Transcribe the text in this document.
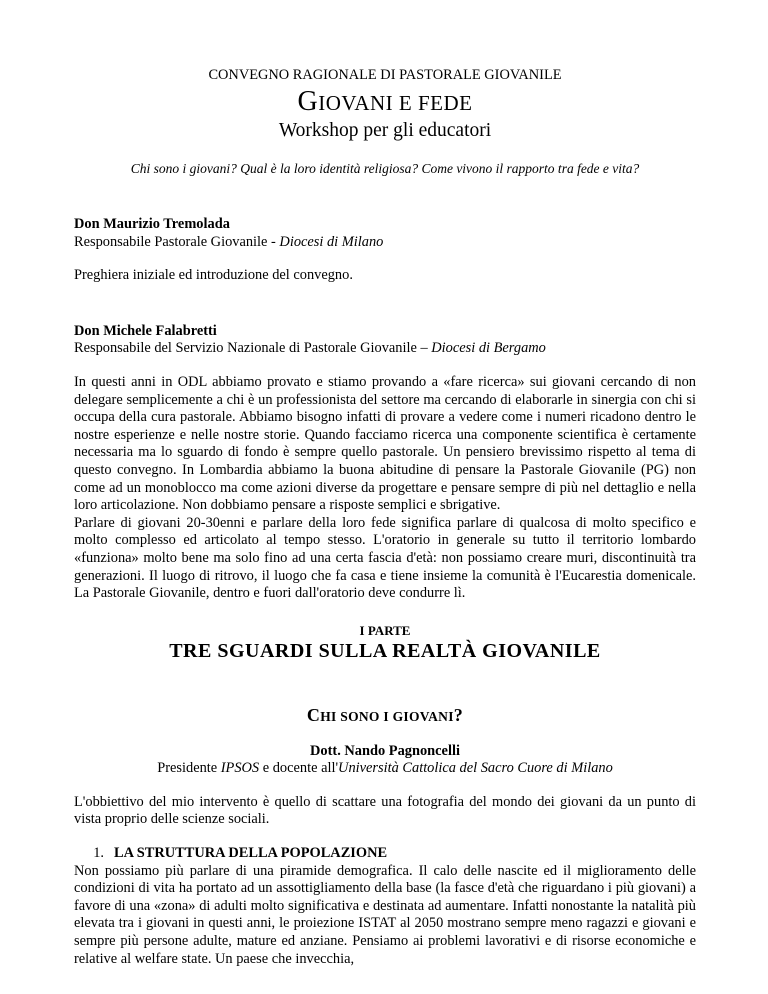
CONVEGNO RAGIONALE DI PASTORALE GIOVANILE
GIOVANI E FEDE
Workshop per gli educatori
Chi sono i giovani? Qual è la loro identità religiosa? Come vivono il rapporto tra fede e vita?

Don Maurizio Tremolada

Responsabile Pastorale Giovanile - Diocesi di Milano

Preghiera iniziale ed introduzione del convegno.

Don Michele Falabretti

Responsabile del Servizio Nazionale di Pastorale Giovanile – Diocesi di Bergamo

In questi anni in ODL abbiamo provato e stiamo provando a «fare ricerca» sui giovani cercando di non delegare semplicemente a chi è un professionista del settore ma cercando di elaborarle in sinergia con chi si occupa della cura pastorale. Abbiamo bisogno infatti di provare a vedere come i numeri ricadono dentro le nostre esperienze e nelle nostre storie. Quando facciamo ricerca una componente scientifica è certamente necessaria ma lo sguardo di fondo è sempre quello pastorale. Un pensiero brevissimo rispetto al tema di questo convegno. In Lombardia abbiamo la buona abitudine di pensare la Pastorale Giovanile (PG) non come ad un monoblocco ma come azioni diverse da progettare e pensare sempre di più nel dettaglio e nella loro articolazione. Non dobbiamo pensare a risposte semplici e sbrigative.

Parlare di giovani 20-30enni e parlare della loro fede significa parlare di qualcosa di molto specifico e molto complesso ed articolato al tempo stesso. L'oratorio in generale su tutto il territorio lombardo «funziona» molto bene ma solo fino ad una certa fascia d'età: non possiamo creare muri, discontinuità tra generazioni. Il luogo di ritrovo, il luogo che fa casa e tiene insieme la comunità è l'Eucarestia domenicale. La Pastorale Giovanile, dentro e fuori dall'oratorio deve condurre lì.

I PARTE
TRE SGUARDI SULLA REALTÀ GIOVANILE
CHI SONO I GIOVANI?

Dott. Nando Pagnoncelli

Presidente IPSOS e docente all'Università Cattolica del Sacro Cuore di Milano

L'obbiettivo del mio intervento è quello di scattare una fotografia del mondo dei giovani da un punto di vista proprio delle scienze sociali.

1. LA STRUTTURA DELLA POPOLAZIONE

Non possiamo più parlare di una piramide demografica. Il calo delle nascite ed il miglioramento delle condizioni di vita ha portato ad un assottigliamento della base (la fasce d'età che riguardano i più giovani) a favore di una «zona» di adulti molto significativa e destinata ad aumentare. Infatti nonostante la natalità più elevata tra i giovani in questi anni, le proiezione ISTAT al 2050 mostrano sempre meno ragazzi e giovani e sempre più persone adulte, mature ed anziane. Pensiamo ai problemi lavorativi e di risorse economiche e relative al welfare state. Un paese che invecchia,
